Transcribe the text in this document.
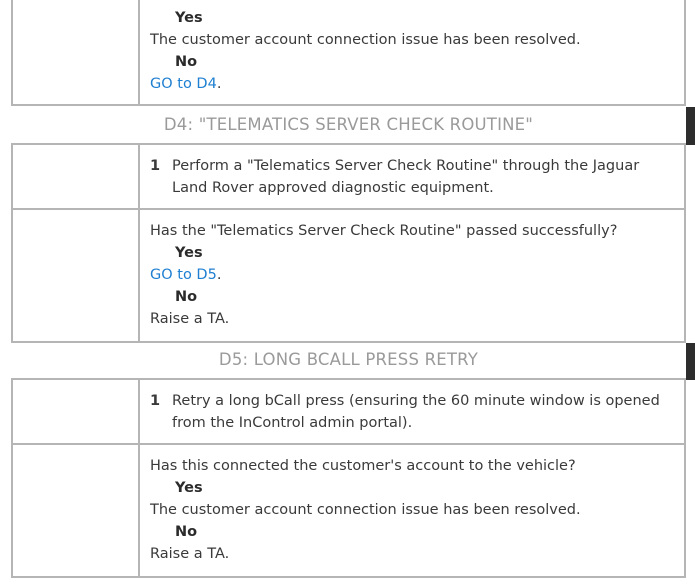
Yes
The customer account connection issue has been resolved.
No
GO to D4.
D4: "TELEMATICS SERVER CHECK ROUTINE"
1 Perform a "Telematics Server Check Routine" through the Jaguar
Land Rover approved diagnostic equipment.
Has the "Telematics Server Check Routine" passed successfully?
Yes
GO to D5.
No
Raise a TA.
D5: LONG BCALL PRESS RETRY
1 Retry a long bCall press (ensuring the 60 minute window is opened
from the InControl admin portal).
Has this connected the customer's account to the vehicle?
Yes
The customer account connection issue has been resolved.
No
Raise a TA.
